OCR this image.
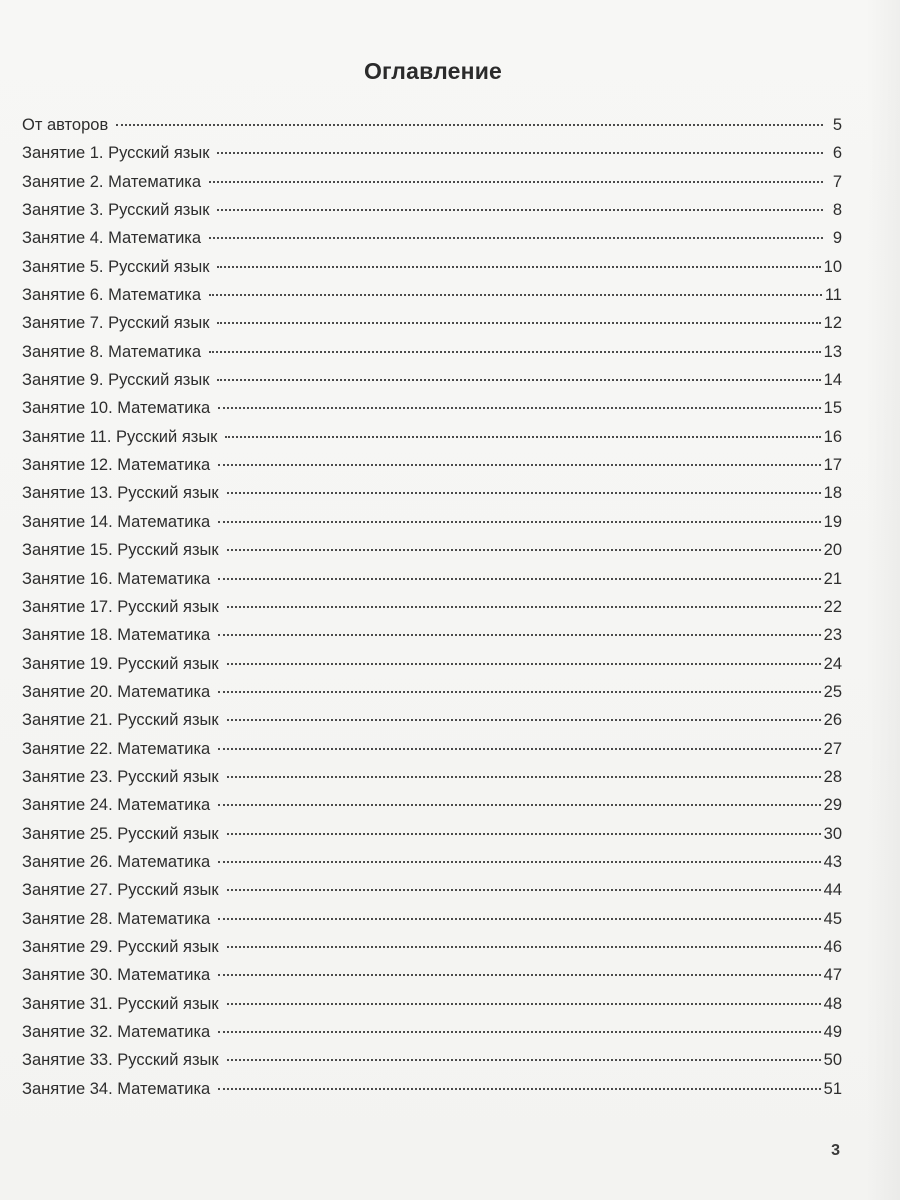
Оглавление
От авторов	5
Занятие 1. Русский язык	6
Занятие 2. Математика	7
Занятие 3. Русский язык	8
Занятие 4. Математика	9
Занятие 5. Русский язык	10
Занятие 6. Математика	11
Занятие 7. Русский язык	12
Занятие 8. Математика	13
Занятие 9. Русский язык	14
Занятие 10. Математика	15
Занятие 11. Русский язык	16
Занятие 12. Математика	17
Занятие 13. Русский язык	18
Занятие 14. Математика	19
Занятие 15. Русский язык	20
Занятие 16. Математика	21
Занятие 17. Русский язык	22
Занятие 18. Математика	23
Занятие 19. Русский язык	24
Занятие 20. Математика	25
Занятие 21. Русский язык	26
Занятие 22. Математика	27
Занятие 23. Русский язык	28
Занятие 24. Математика	29
Занятие 25. Русский язык	30
Занятие 26. Математика	43
Занятие 27. Русский язык	44
Занятие 28. Математика	45
Занятие 29. Русский язык	46
Занятие 30. Математика	47
Занятие 31. Русский язык	48
Занятие 32. Математика	49
Занятие 33. Русский язык	50
Занятие 34. Математика	51
3
